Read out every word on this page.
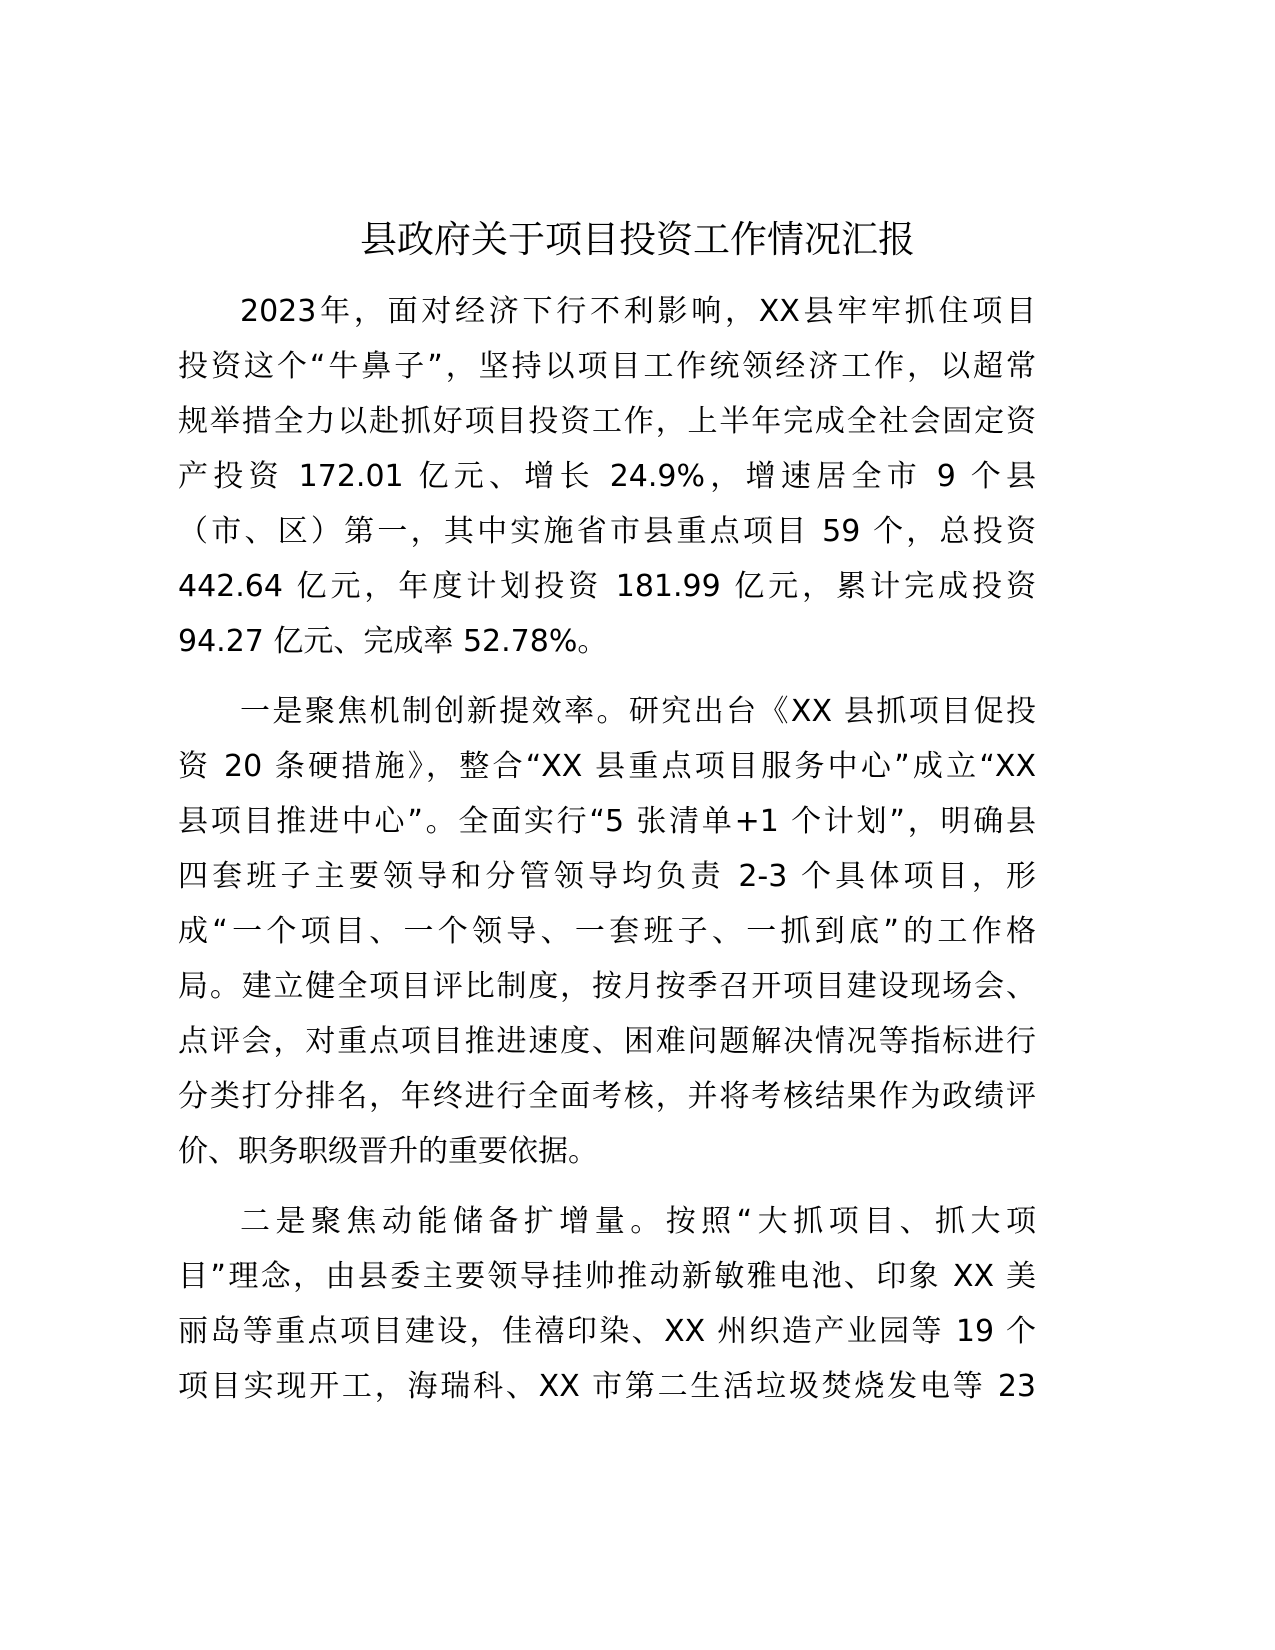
县政府关于项目投资工作情况汇报
2023年，面对经济下行不利影响，XX县牢牢抓住项目
投资这个“牛鼻子”，坚持以项目工作统领经济工作，以超常
规举措全力以赴抓好项目投资工作，上半年完成全社会固定资
产投资 172.01 亿元、增长 24.9%，增速居全市 9 个县
（市、区）第一，其中实施省市县重点项目 59 个，总投资
442.64 亿元，年度计划投资 181.99 亿元，累计完成投资
94.27 亿元、完成率 52.78%。
一是聚焦机制创新提效率。研究出台《XX 县抓项目促投
资 20 条硬措施》，整合“XX 县重点项目服务中心”成立“XX
县项目推进中心”。全面实行“5 张清单+1 个计划”，明确县
四套班子主要领导和分管领导均负责 2-3 个具体项目，形
成“一个项目、一个领导、一套班子、一抓到底”的工作格
局。建立健全项目评比制度，按月按季召开项目建设现场会、
点评会，对重点项目推进速度、困难问题解决情况等指标进行
分类打分排名，年终进行全面考核，并将考核结果作为政绩评
价、职务职级晋升的重要依据。
二是聚焦动能储备扩增量。按照“大抓项目、抓大项
目”理念，由县委主要领导挂帅推动新敏雅电池、印象 XX 美
丽岛等重点项目建设，佳禧印染、XX 州织造产业园等 19 个
项目实现开工，海瑞科、XX 市第二生活垃圾焚烧发电等 23
